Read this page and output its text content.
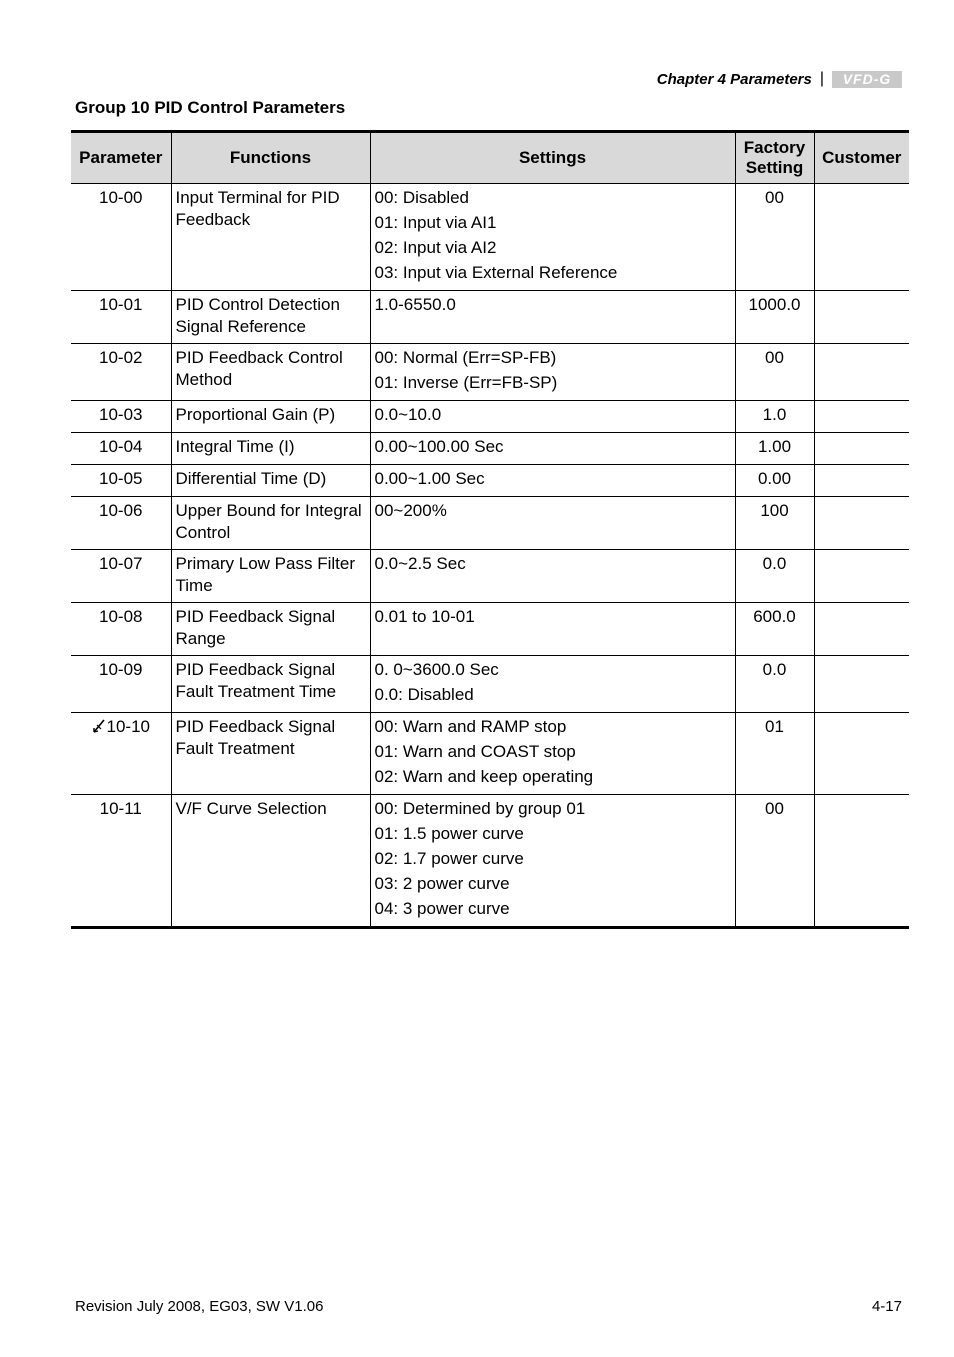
Chapter 4 Parameters |	VFD-G
Group 10 PID Control Parameters
Parameter	Functions	Settings	Factory Setting	Customer
10-00	Input Terminal for PID Feedback	00: Disabled
01: Input via AI1
02: Input via AI2
03: Input via External Reference	00	
10-01	PID Control Detection Signal Reference	1.0-6550.0	1000.0	
10-02	PID Feedback Control Method	00: Normal (Err=SP-FB)
01: Inverse (Err=FB-SP)	00	
10-03	Proportional Gain (P)	0.0~10.0	1.0	
10-04	Integral Time (I)	0.00~100.00 Sec	1.00	
10-05	Differential Time (D)	0.00~1.00 Sec	0.00	
10-06	Upper Bound for Integral Control	00~200%	100	
10-07	Primary Low Pass Filter Time	0.0~2.5 Sec	0.0	
10-08	PID Feedback Signal Range	0.01 to 10-01	600.0	
10-09	PID Feedback Signal Fault Treatment Time	0. 0~3600.0 Sec
0.0: Disabled	0.0	
10-10	PID Feedback Signal Fault Treatment	00: Warn and RAMP stop
01: Warn and COAST stop
02: Warn and keep operating	01	
10-11	V/F Curve Selection	00: Determined by group 01
01: 1.5 power curve
02: 1.7 power curve
03: 2 power curve
04: 3 power curve	00	
Revision July 2008, EG03, SW V1.06	4-17
